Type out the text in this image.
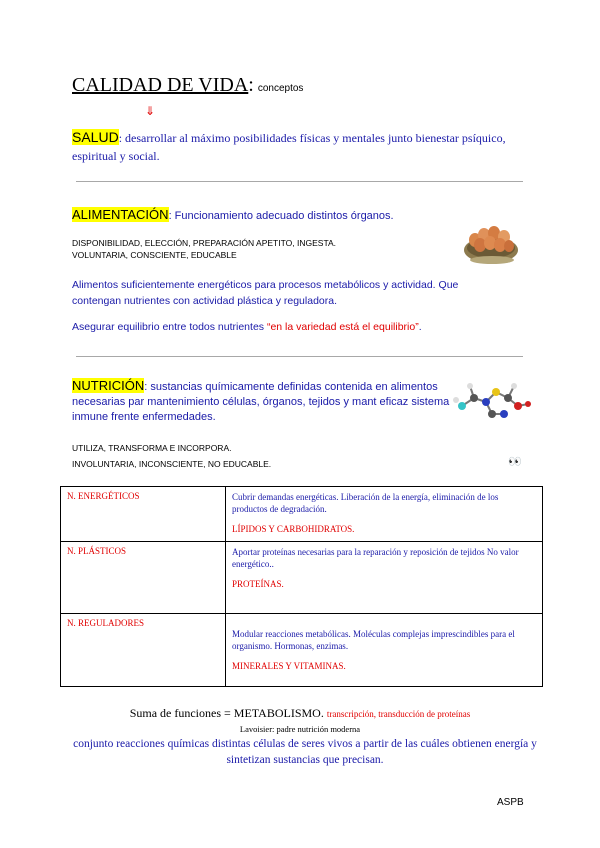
CALIDAD DE VIDA: conceptos
⇓
SALUD: desarrollar al máximo posibilidades físicas y mentales junto bienestar psíquico, espiritual y social.
ALIMENTACIÓN: Funcionamiento adecuado distintos órganos.
DISPONIBILIDAD, ELECCIÓN, PREPARACIÓN APETITO, INGESTA.
VOLUNTARIA, CONSCIENTE, EDUCABLE
Alimentos suficientemente energéticos para procesos metabólicos y actividad. Que contengan nutrientes con actividad plástica y reguladora.
Asegurar equilibrio entre todos nutrientes “en la variedad está el equilibrio”.
NUTRICIÓN: sustancias químicamente definidas contenida en alimentos necesarias par mantenimiento células, órganos, tejidos y mant eficaz sistema inmune frente enfermedades.
UTILIZA, TRANSFORMA E INCORPORA.
INVOLUNTARIA, INCONSCIENTE, NO EDUCABLE.	👀
N. ENERGÉTICOS	Cubrir demandas energéticas. Liberación de la energía, eliminación de los productos de degradación.
LÍPIDOS Y CARBOHIDRATOS.

N. PLÁSTICOS	Aportar proteínas necesarias para la reparación y reposición de tejidos No valor energético..
PROTEÍNAS.

N. REGULADORES	Modular reacciones metabólicas. Moléculas complejas imprescindibles para el organismo. Hormonas, enzimas.
MINERALES Y VITAMINAS.
Suma de funciones = METABOLISMO. transcripción, transducción de proteínas
Lavoisier: padre nutrición moderna
conjunto reacciones químicas distintas células de seres vivos a partir de las cuáles obtienen energía y sintetizan sustancias que precisan.
ASPB
